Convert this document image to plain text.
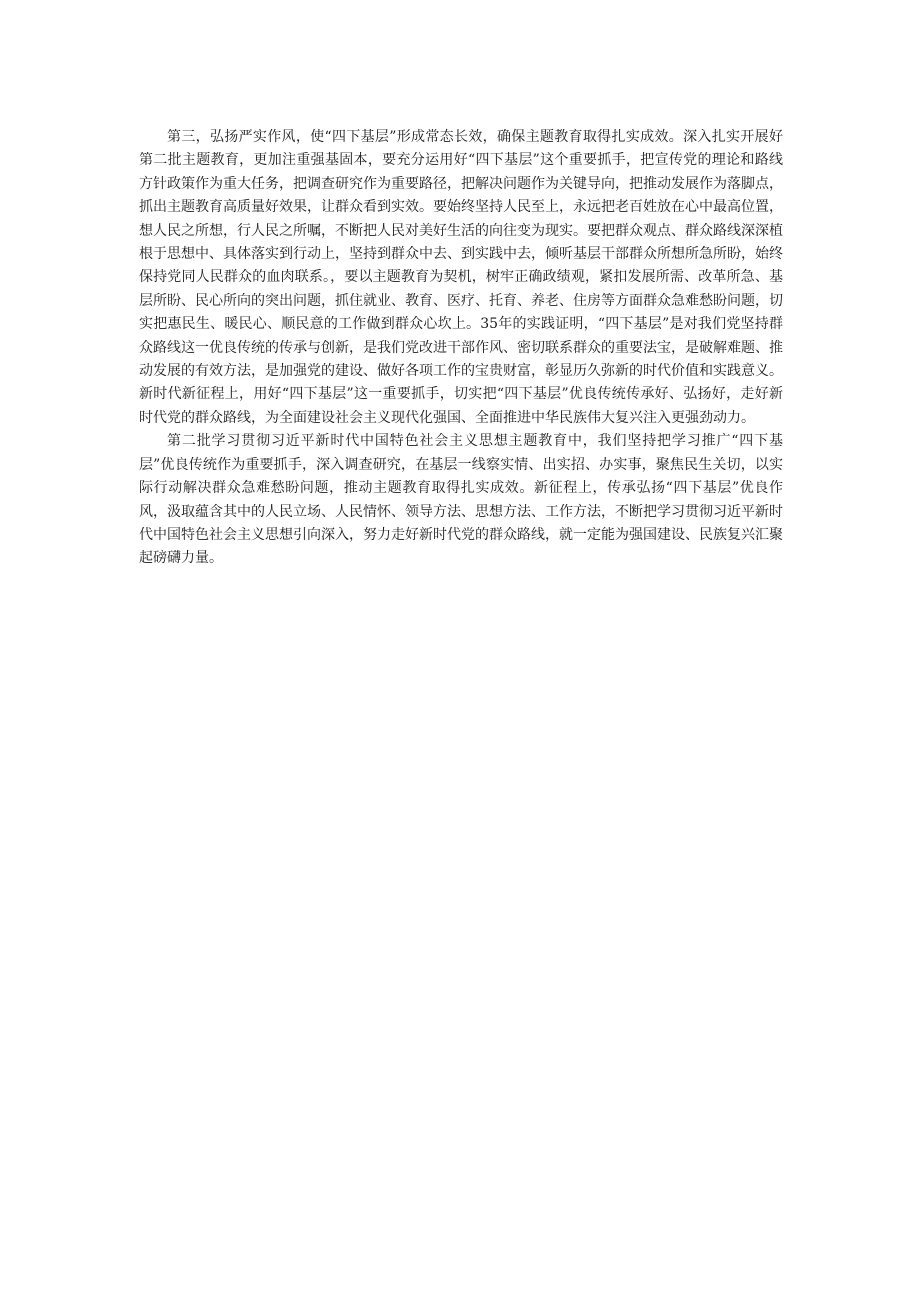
第三，弘扬严实作风，使“四下基层”形成常态长效，确保主题教育取得扎实成效。深入扎实开展好第二批主题教育，更加注重强基固本，要充分运用好“四下基层”这个重要抓手，把宣传党的理论和路线方针政策作为重大任务，把调查研究作为重要路径，把解决问题作为关键导向，把推动发展作为落脚点，抓出主题教育高质量好效果，让群众看到实效。要始终坚持人民至上，永远把老百姓放在心中最高位置，想人民之所想，行人民之所嘱，不断把人民对美好生活的向往变为现实。要把群众观点、群众路线深深植根于思想中、具体落实到行动上，坚持到群众中去、到实践中去，倾听基层干部群众所想所急所盼，始终保持党同人民群众的血肉联系。，要以主题教育为契机，树牢正确政绩观，紧扣发展所需、改革所急、基层所盼、民心所向的突出问题，抓住就业、教育、医疗、托育、养老、住房等方面群众急难愁盼问题，切实把惠民生、暖民心、顺民意的工作做到群众心坎上。35年的实践证明，“四下基层”是对我们党坚持群众路线这一优良传统的传承与创新，是我们党改进干部作风、密切联系群众的重要法宝，是破解难题、推动发展的有效方法，是加强党的建设、做好各项工作的宝贵财富，彰显历久弥新的时代价值和实践意义。新时代新征程上，用好“四下基层”这一重要抓手，切实把“四下基层”优良传统传承好、弘扬好，走好新时代党的群众路线，为全面建设社会主义现代化强国、全面推进中华民族伟大复兴注入更强劲动力。

第二批学习贯彻习近平新时代中国特色社会主义思想主题教育中，我们坚持把学习推广“四下基层”优良传统作为重要抓手，深入调查研究，在基层一线察实情、出实招、办实事，聚焦民生关切，以实际行动解决群众急难愁盼问题，推动主题教育取得扎实成效。新征程上，传承弘扬“四下基层”优良作风，汲取蕴含其中的人民立场、人民情怀、领导方法、思想方法、工作方法，不断把学习贯彻习近平新时代中国特色社会主义思想引向深入，努力走好新时代党的群众路线，就一定能为强国建设、民族复兴汇聚起磅礴力量。
